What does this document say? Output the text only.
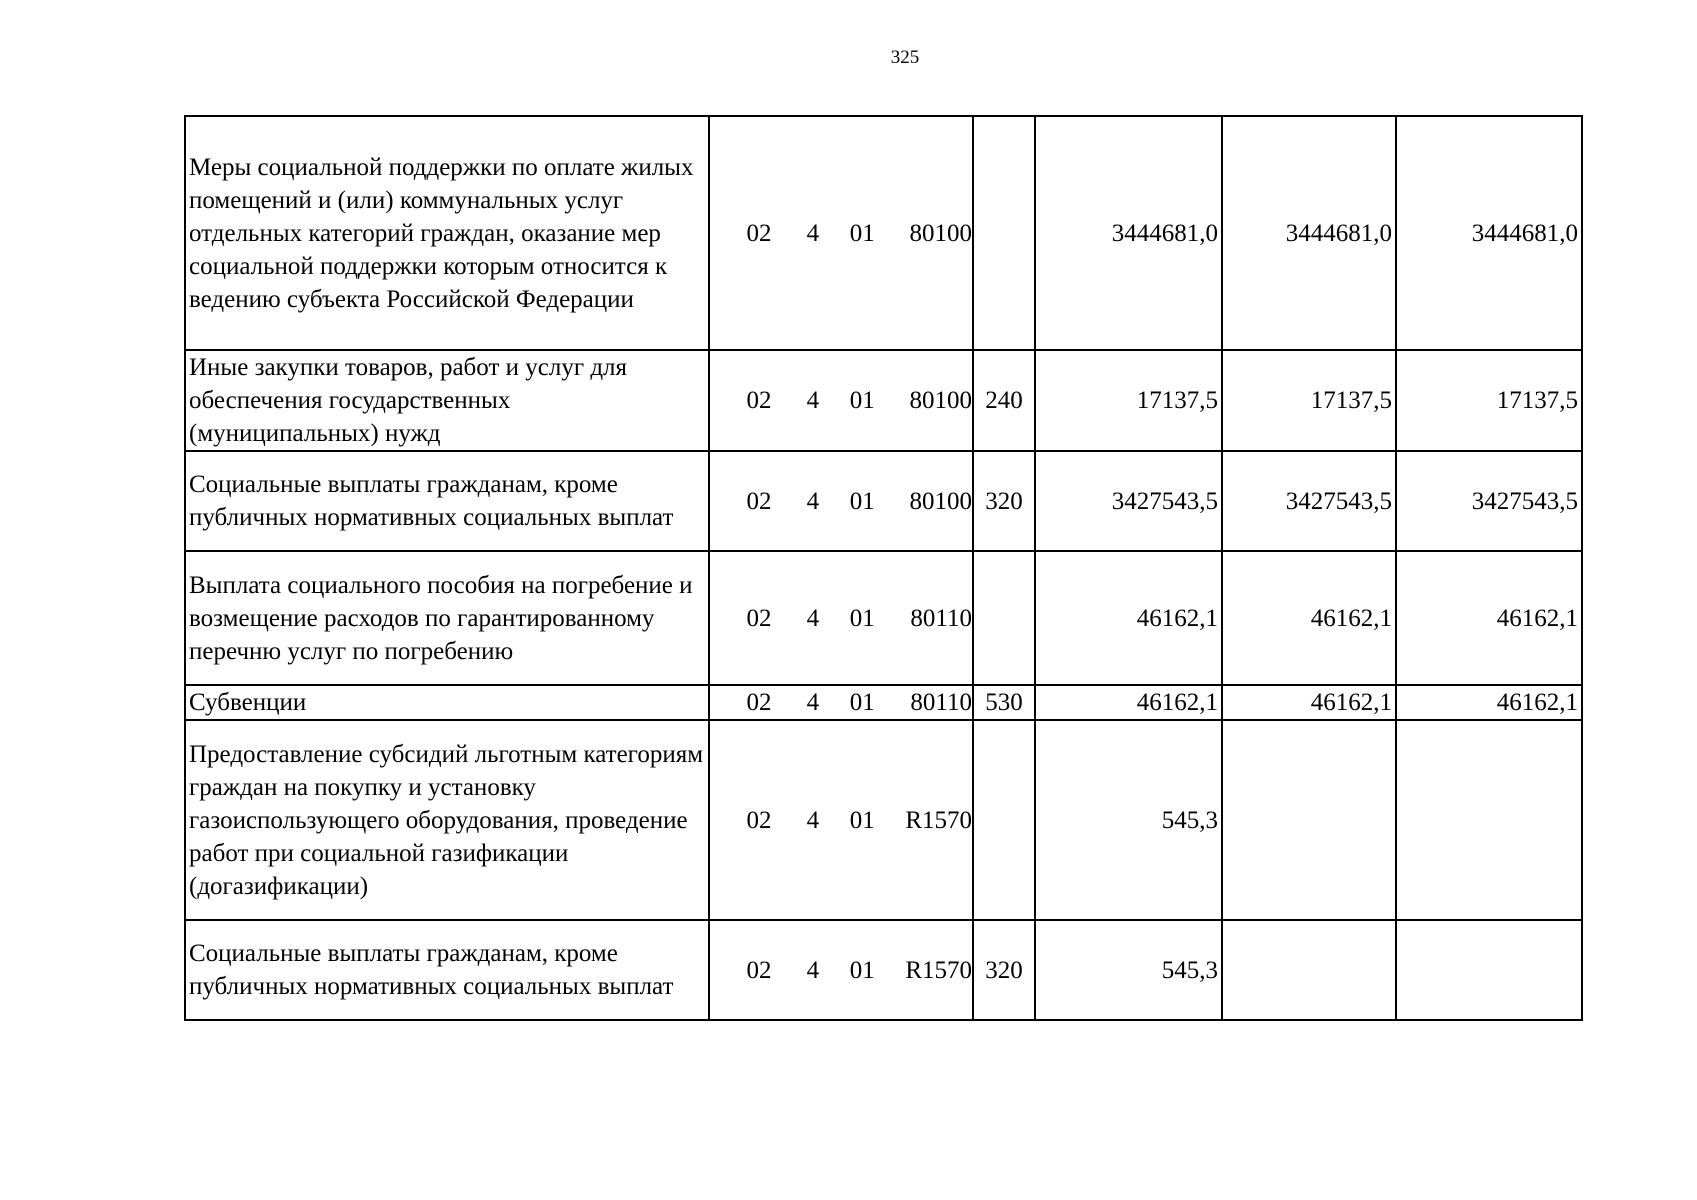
325
Меры социальной поддержки по оплате жилых помещений и (или) коммунальных услуг отдельных категорий граждан, оказание мер социальной поддержки которым относится к ведению субъекта Российской Федерации	02 4 01 80100		3444681,0	3444681,0	3444681,0
Иные закупки товаров, работ и услуг для обеспечения государственных (муниципальных) нужд	02 4 01 80100	240	17137,5	17137,5	17137,5
Социальные выплаты гражданам, кроме публичных нормативных социальных выплат	02 4 01 80100	320	3427543,5	3427543,5	3427543,5
Выплата социального пособия на погребение и возмещение расходов по гарантированному перечню услуг по погребению	02 4 01 80110		46162,1	46162,1	46162,1
Субвенции	02 4 01 80110	530	46162,1	46162,1	46162,1
Предоставление субсидий льготным категориям граждан на покупку и установку газоиспользующего оборудования, проведение работ при социальной газификации (догазификации)	02 4 01 R1570		545,3		
Социальные выплаты гражданам, кроме публичных нормативных социальных выплат	02 4 01 R1570	320	545,3		
